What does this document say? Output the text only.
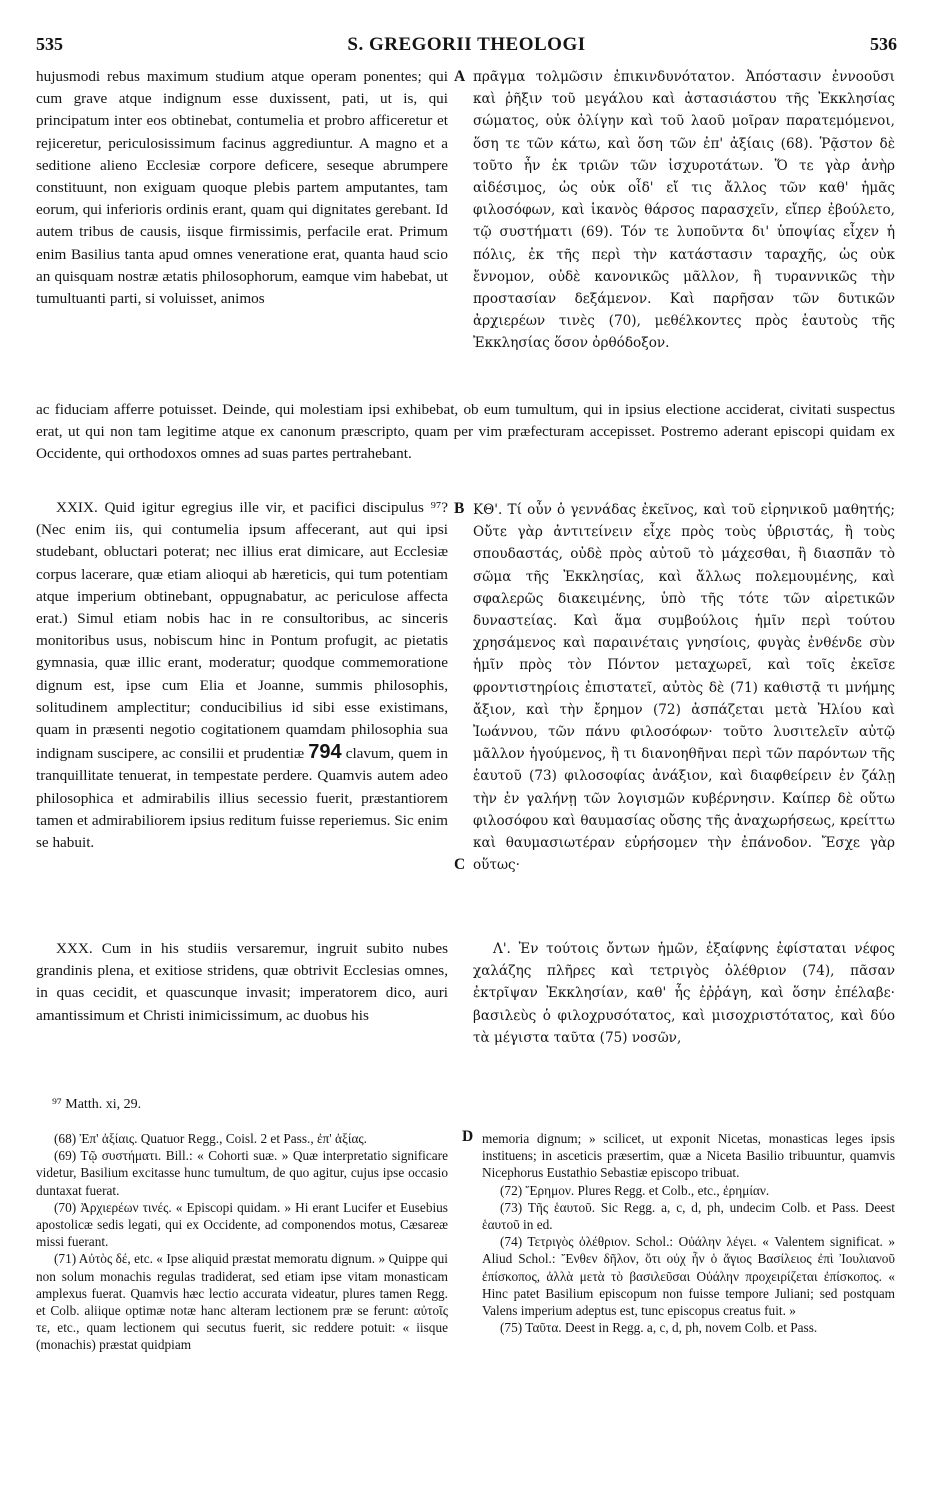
535	S. GREGORII THEOLOGI	536
A
B
C
D

hujusmodi rebus maximum studium atque operam ponentes; qui cum grave atque indignum esse duxissent, pati, ut is, qui principatum inter eos obtinebat, contumelia et probro afficeretur et rejiceretur, periculosissimum facinus aggrediuntur. A magno et a seditione alieno Ecclesiæ corpore deficere, seseque abrumpere constituunt, non exiguam quoque plebis partem amputantes, tam eorum, qui inferioris ordinis erant, quam qui dignitates gerebant. Id autem tribus de causis, iisque firmissimis, perfacile erat. Primum enim Basilius tanta apud omnes veneratione erat, quanta haud scio an quisquam nostræ ætatis philosophorum, eamque vim habebat, ut tumultuanti parti, si voluisset, animos

πρᾶγμα τολμῶσιν ἐπικινδυνότατον. Ἀπόστασιν ἐννοοῦσι καὶ ῥῆξιν τοῦ μεγάλου καὶ ἀστασιάστου τῆς Ἐκκλησίας σώματος, οὐκ ὀλίγην καὶ τοῦ λαοῦ μοῖραν παρατεμόμενοι, ὅση τε τῶν κάτω, καὶ ὅση τῶν ἐπ' ἀξίαις (68). Ῥᾷστον δὲ τοῦτο ἦν ἐκ τριῶν τῶν ἰσχυροτάτων. Ὅ τε γὰρ ἀνὴρ αἰδέσιμος, ὡς οὐκ οἶδ' εἴ τις ἄλλος τῶν καθ' ἡμᾶς φιλοσόφων, καὶ ἱκανὸς θάρσος παρασχεῖν, εἴπερ ἐβούλετο, τῷ συστήματι (69). Τόν τε λυποῦντα δι' ὑποψίας εἶχεν ἡ πόλις, ἐκ τῆς περὶ τὴν κατάστασιν ταραχῆς, ὡς οὐκ ἔννομον, οὐδὲ κανονικῶς μᾶλλον, ἢ τυραννικῶς τὴν προστασίαν δεξάμενον. Καὶ παρῆσαν τῶν δυτικῶν ἀρχιερέων τινὲς (70), μεθέλκοντες πρὸς ἑαυτοὺς τῆς Ἐκκλησίας ὅσον ὀρθόδοξον.

ac fiduciam afferre potuisset. Deinde, qui molestiam ipsi exhibebat, ob eum tumultum, qui in ipsius electione acciderat, civitati suspectus erat, ut qui non tam legitime atque ex canonum præscripto, quam per vim præfecturam accepisset. Postremo aderant episcopi quidam ex Occidente, qui orthodoxos omnes ad suas partes pertrahebant.

XXIX. Quid igitur egregius ille vir, et pacifici discipulus ⁹⁷? (Nec enim iis, qui contumelia ipsum affecerant, aut qui ipsi studebant, obluctari poterat; nec illius erat dimicare, aut Ecclesiæ corpus lacerare, quæ etiam alioqui ab hæreticis, qui tum potentiam atque imperium obtinebant, oppugnabatur, ac periculose affecta erat.) Simul etiam nobis hac in re consultoribus, ac sinceris monitoribus usus, nobiscum hinc in Pontum profugit, ac pietatis gymnasia, quæ illic erant, moderatur; quodque commemoratione dignum est, ipse cum Elia et Joanne, summis philosophis, solitudinem amplectitur; conducibilius id sibi esse existimans, quam in præsenti negotio cogitationem quamdam philosophia sua indignam suscipere, ac consilii et prudentiæ 794 clavum, quem in tranquillitate tenuerat, in tempestate perdere. Quamvis autem adeo philosophica et admirabilis illius secessio fuerit, præstantiorem tamen et admirabiliorem ipsius reditum fuisse reperiemus. Sic enim se habuit.

ΚΘ'. Τί οὖν ὁ γεννάδας ἐκεῖνος, καὶ τοῦ εἰρηνικοῦ μαθητής; Οὔτε γὰρ ἀντιτείνειν εἶχε πρὸς τοὺς ὑβριστάς, ἢ τοὺς σπουδαστάς, οὐδὲ πρὸς αὐτοῦ τὸ μάχεσθαι, ἢ διασπᾶν τὸ σῶμα τῆς Ἐκκλησίας, καὶ ἄλλως πολεμουμένης, καὶ σφαλερῶς διακειμένης, ὑπὸ τῆς τότε τῶν αἱρετικῶν δυναστείας. Καὶ ἅμα συμβούλοις ἡμῖν περὶ τούτου χρησάμενος καὶ παραινέταις γνησίοις, φυγὰς ἐνθένδε σὺν ἡμῖν πρὸς τὸν Πόντον μεταχωρεῖ, καὶ τοῖς ἐκεῖσε φροντιστηρίοις ἐπιστατεῖ, αὐτὸς δὲ (71) καθιστᾷ τι μνήμης ἄξιον, καὶ τὴν ἔρημον (72) ἀσπάζεται μετὰ Ἠλίου καὶ Ἰωάννου, τῶν πάνυ φιλοσόφων· τοῦτο λυσιτελεῖν αὐτῷ μᾶλλον ἡγούμενος, ἢ τι διανοηθῆναι περὶ τῶν παρόντων τῆς ἑαυτοῦ (73) φιλοσοφίας ἀνάξιον, καὶ διαφθείρειν ἐν ζάλῃ τὴν ἐν γαλήνῃ τῶν λογισμῶν κυβέρνησιν. Καίπερ δὲ οὕτω φιλοσόφου καὶ θαυμασίας οὔσης τῆς ἀναχωρήσεως, κρείττω καὶ θαυμασιωτέραν εὑρήσομεν τὴν ἐπάνοδον. Ἔσχε γὰρ οὕτως·

XXX. Cum in his studiis versaremur, ingruit subito nubes grandinis plena, et exitiose stridens, quæ obtrivit Ecclesias omnes, in quas cecidit, et quascunque invasit; imperatorem dico, auri amantissimum et Christi inimicissimum, ac duobus his

Λ'. Ἐν τούτοις ὄντων ἡμῶν, ἐξαίφνης ἐφίσταται νέφος χαλάζης πλῆρες καὶ τετριγὸς ὀλέθριον (74), πᾶσαν ἐκτρῖψαν Ἐκκλησίαν, καθ' ἧς ἐῤῥάγη, καὶ ὅσην ἐπέλαβε· βασιλεὺς ὁ φιλοχρυσότατος, καὶ μισοχριστότατος, καὶ δύο τὰ μέγιστα ταῦτα (75) νοσῶν,

⁹⁷ Matth. xi, 29.

(68) Ἐπ' ἀξίαις. Quatuor Regg., Coisl. 2 et Pass., ἐπ' ἀξίας.

(69) Τῷ συστήματι. Bill.: « Cohorti suæ. » Quæ interpretatio significare videtur, Basilium excitasse hunc tumultum, de quo agitur, cujus ipse occasio duntaxat fuerat.

(70) Ἀρχιερέων τινές. « Episcopi quidam. » Hi erant Lucifer et Eusebius apostolicæ sedis legati, qui ex Occidente, ad componendos motus, Cæsareæ missi fuerant.

(71) Αὐτὸς δέ, etc. « Ipse aliquid præstat memoratu dignum. » Quippe qui non solum monachis regulas tradiderat, sed etiam ipse vitam monasticam amplexus fuerat. Quamvis hæc lectio accurata videatur, plures tamen Regg. et Colb. aliique optimæ notæ hanc alteram lectionem præ se ferunt: αὐτοῖς τε, etc., quam lectionem qui secutus fuerit, sic reddere potuit: « iisque (monachis) præstat quidpiam

memoria dignum; » scilicet, ut exponit Nicetas, monasticas leges ipsis instituens; in asceticis præsertim, quæ a Niceta Basilio tribuuntur, quamvis Nicephorus Eustathio Sebastiæ episcopo tribuat.

(72) Ἔρημον. Plures Regg. et Colb., etc., ἐρημίαν.

(73) Τῆς ἑαυτοῦ. Sic Regg. a, c, d, ph, undecim Colb. et Pass. Deest ἑαυτοῦ in ed.

(74) Τετριγὸς ὀλέθριον. Schol.: Οὐάλην λέγει. « Valentem significat. » Aliud Schol.: Ἔνθεν δῆλον, ὅτι οὐχ ἦν ὁ ἅγιος Βασίλειος ἐπὶ Ἰουλιανοῦ ἐπίσκοπος, ἀλλὰ μετὰ τὸ βασιλεῦσαι Οὐάλην προχειρίζεται ἐπίσκοπος. « Hinc patet Basilium episcopum non fuisse tempore Juliani; sed postquam Valens imperium adeptus est, tunc episcopus creatus fuit. »

(75) Ταῦτα. Deest in Regg. a, c, d, ph, novem Colb. et Pass.
